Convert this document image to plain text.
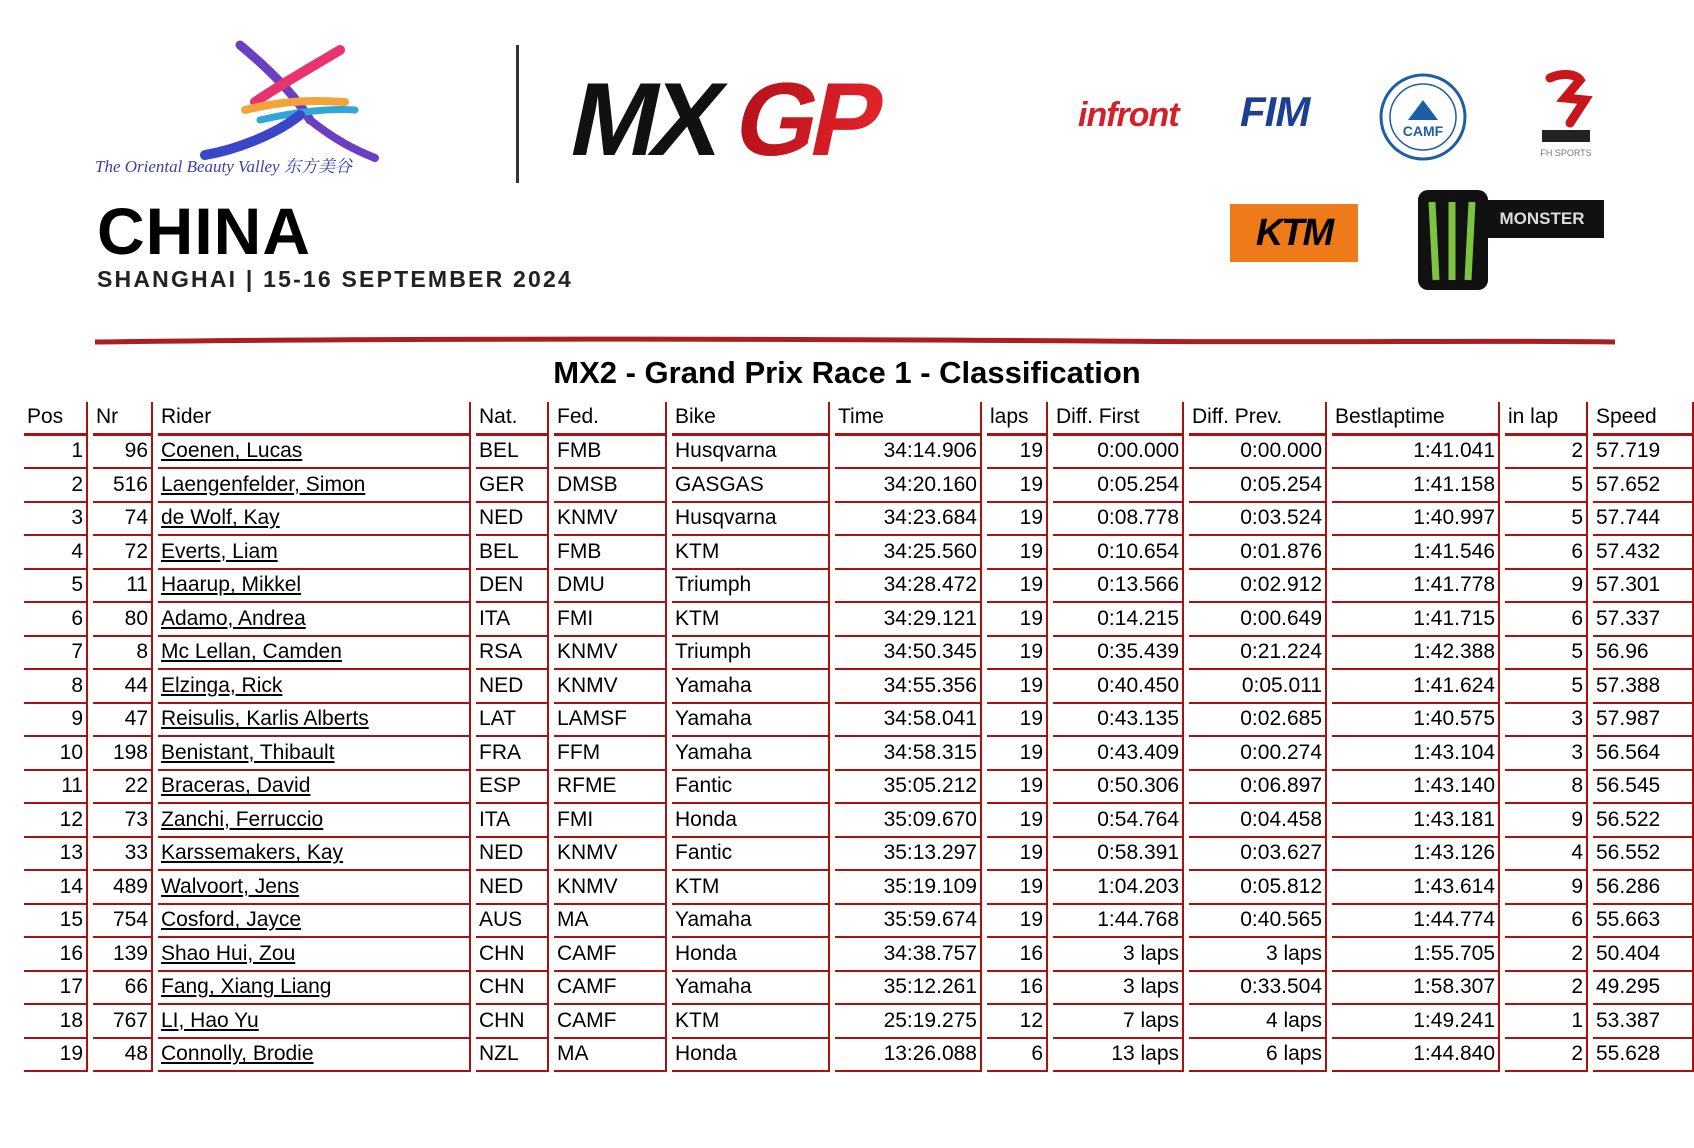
The Oriental Beauty Valley 东方美谷 MX
GP
CHINA
SHANGHAI | 15-16 SEPTEMBER 2024
infront FIM	CAMF
FH SPORTS
KTM	MONSTER
MX2 - Grand Prix Race 1 - Classification
Pos		Nr		Rider		Nat.		Fed.		Bike		Time		laps		Diff. First		Diff. Prev.		Bestlaptime		in lap		Speed
1		96		Coenen, Lucas		BEL		FMB		Husqvarna		34:14.906		19		0:00.000		0:00.000		1:41.041		2		57.719
2		516		Laengenfelder, Simon		GER		DMSB		GASGAS		34:20.160		19		0:05.254		0:05.254		1:41.158		5		57.652
3		74		de Wolf, Kay		NED		KNMV		Husqvarna		34:23.684		19		0:08.778		0:03.524		1:40.997		5		57.744
4		72		Everts, Liam		BEL		FMB		KTM		34:25.560		19		0:10.654		0:01.876		1:41.546		6		57.432
5		11		Haarup, Mikkel		DEN		DMU		Triumph		34:28.472		19		0:13.566		0:02.912		1:41.778		9		57.301
6		80		Adamo, Andrea		ITA		FMI		KTM		34:29.121		19		0:14.215		0:00.649		1:41.715		6		57.337
7		8		Mc Lellan, Camden		RSA		KNMV		Triumph		34:50.345		19		0:35.439		0:21.224		1:42.388		5		56.96
8		44		Elzinga, Rick		NED		KNMV		Yamaha		34:55.356		19		0:40.450		0:05.011		1:41.624		5		57.388
9		47		Reisulis, Karlis Alberts		LAT		LAMSF		Yamaha		34:58.041		19		0:43.135		0:02.685		1:40.575		3		57.987
10		198		Benistant, Thibault		FRA		FFM		Yamaha		34:58.315		19		0:43.409		0:00.274		1:43.104		3		56.564
11		22		Braceras, David		ESP		RFME		Fantic		35:05.212		19		0:50.306		0:06.897		1:43.140		8		56.545
12		73		Zanchi, Ferruccio		ITA		FMI		Honda		35:09.670		19		0:54.764		0:04.458		1:43.181		9		56.522
13		33		Karssemakers, Kay		NED		KNMV		Fantic		35:13.297		19		0:58.391		0:03.627		1:43.126		4		56.552
14		489		Walvoort, Jens		NED		KNMV		KTM		35:19.109		19		1:04.203		0:05.812		1:43.614		9		56.286
15		754		Cosford, Jayce		AUS		MA		Yamaha		35:59.674		19		1:44.768		0:40.565		1:44.774		6		55.663
16		139		Shao Hui, Zou		CHN		CAMF		Honda		34:38.757		16		3 laps		3 laps		1:55.705		2		50.404
17		66		Fang, Xiang Liang		CHN		CAMF		Yamaha		35:12.261		16		3 laps		0:33.504		1:58.307		2		49.295
18		767		LI, Hao Yu		CHN		CAMF		KTM		25:19.275		12		7 laps		4 laps		1:49.241		1		53.387
19		48		Connolly, Brodie		NZL		MA		Honda		13:26.088		6		13 laps		6 laps		1:44.840		2		55.628
